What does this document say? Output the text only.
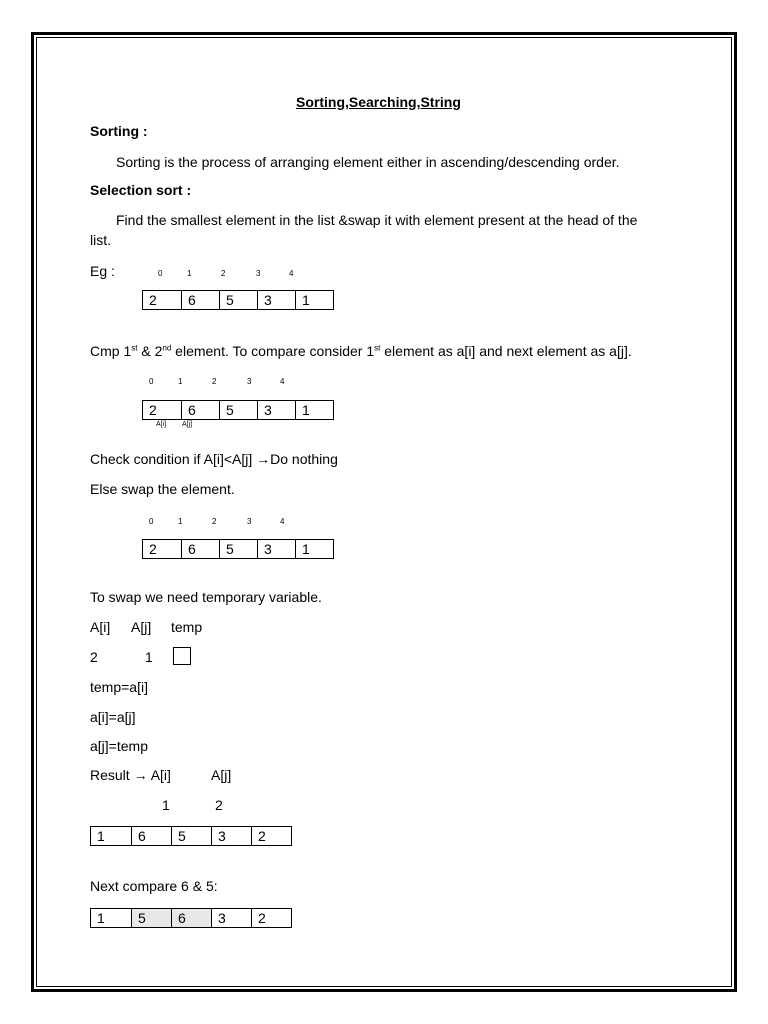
Sorting,Searching,String
Sorting :
Sorting is the process of arranging element either in ascending/descending order.
Selection sort :
Find the smallest element in the list &swap it with element present at the head of the
list.
Eg :	0	1	2	3	4
2	6	5	3	1
Cmp 1st & 2nd element. To compare consider 1st element as a[i] and next element as a[j].
0	1	2	3	4
2	6	5	3	1
A[i] A[j]
Check condition if A[i]<A[j] →Do nothing
Else swap the element.
0	1	2	3	4
2	6	5	3	1
To swap we need temporary variable.
A[i] A[j] temp
2	1
temp=a[i]
a[i]=a[j]
a[j]=temp
Result → A[i]	A[j]
1	2
1	6	5	3	2
Next compare 6 & 5:
1	5	6	3	2
